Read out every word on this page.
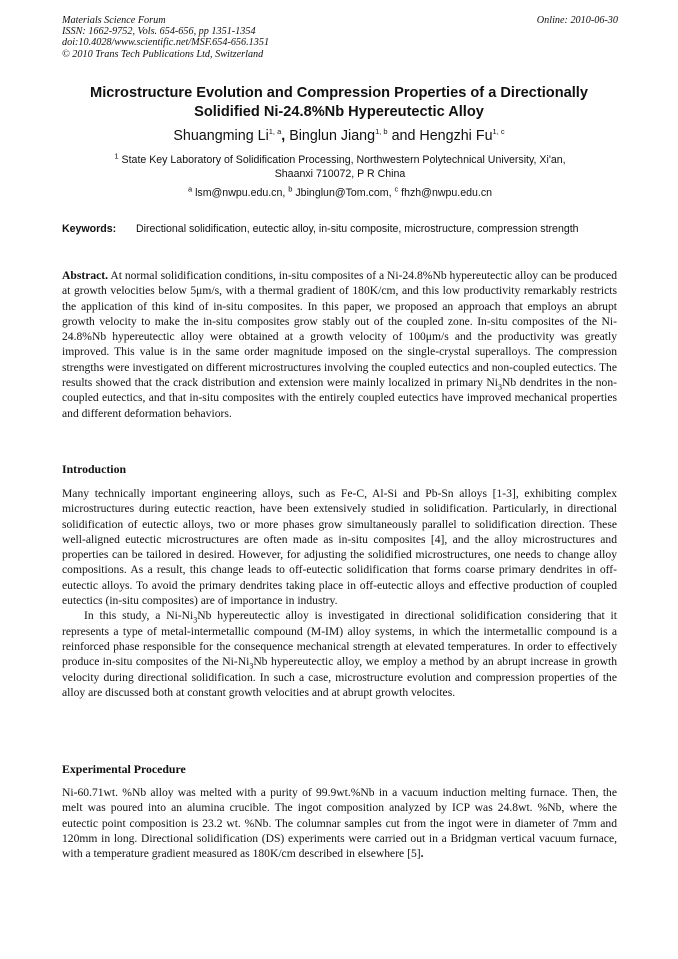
Materials Science Forum
ISSN: 1662-9752, Vols. 654-656, pp 1351-1354
doi:10.4028/www.scientific.net/MSF.654-656.1351
© 2010 Trans Tech Publications Ltd, Switzerland
Online: 2010-06-30
Microstructure Evolution and Compression Properties of a Directionally
Solidified Ni-24.8%Nb Hypereutectic Alloy
Shuangming Li$^{1, a}$, Binglun Jiang$^{1, b}$ and Hengzhi Fu$^{1, c}$
$^1$ State Key Laboratory of Solidification Processing, Northwestern Polytechnical University, Xi'an,
Shaanxi 710072, P R China
$^a$ lsm@nwpu.edu.cn, $^b$ Jbinglun@Tom.com, $^c$ fhzh@nwpu.edu.cn
Keywords: Directional solidification, eutectic alloy, in-situ composite, microstructure, compression strength

Abstract. At normal solidification conditions, in-situ composites of a Ni-24.8%Nb hypereutectic alloy can be produced at growth velocities below 5μm/s, with a thermal gradient of 180K/cm, and this low productivity remarkably restricts the application of this kind of in-situ composites. In this paper, we proposed an approach that employs an abrupt growth velocity to make the in-situ composites grow stably out of the coupled zone. In-situ composites of the Ni-24.8%Nb hypereutectic alloy were obtained at a growth velocity of 100μm/s and the productivity was greatly improved. This value is in the same order magnitude imposed on the single-crystal superalloys. The compression strengths were investigated on different microstructures involving the coupled eutectics and non-coupled eutectics. The results showed that the crack distribution and extension were mainly localized in primary $Ni_3Nb$ dendrites in the non-coupled eutectics, and that in-situ composites with the entirely coupled eutectics have improved mechanical properties and different deformation behaviors.

Introduction

Many technically important engineering alloys, such as Fe-C, Al-Si and Pb-Sn alloys [1-3], exhibiting complex microstructures during eutectic reaction, have been extensively studied in solidification. Particularly, in directional solidification of eutectic alloys, two or more phases grow simultaneously parallel to solidification direction. These well-aligned eutectic microstructures are often made as in-situ composites [4], and the alloy microstructures and properties can be tailored in desired. However, for adjusting the solidified microstructures, one needs to change alloy compositions. As a result, this change leads to off-eutectic solidification that forms coarse primary dendrites in off-eutectic alloys. To avoid the primary dendrites taking place in off-eutectic alloys and effective production of coupled eutectics (in-situ composites) are of importance in industry.

In this study, a $Ni-Ni_3Nb$ hypereutectic alloy is investigated in directional solidification considering that it represents a type of metal-intermetallic compound (M-IM) alloy systems, in which the intermetallic compound is a reinforced phase responsible for the consequence mechanical strength at elevated temperatures. In order to effectively produce in-situ composites of the $Ni-Ni_3Nb$ hypereutectic alloy, we employ a method by an abrupt increase in growth velocity during directional solidification. In such a case, microstructure evolution and compression properties of the alloy are discussed both at constant growth velocities and at abrupt growth velocites.

Experimental Procedure

Ni-60.71wt. %Nb alloy was melted with a purity of 99.9wt.%Nb in a vacuum induction melting furnace. Then, the melt was poured into an alumina crucible. The ingot composition analyzed by ICP was 24.8wt. %Nb, where the eutectic point composition is 23.2 wt. %Nb. The columnar samples cut from the ingot were in diameter of 7mm and 120mm in long. Directional solidification (DS) experiments were carried out in a Bridgman vertical vacuum furnace, with a temperature gradient measured as 180K/cm described in elsewhere [5].
